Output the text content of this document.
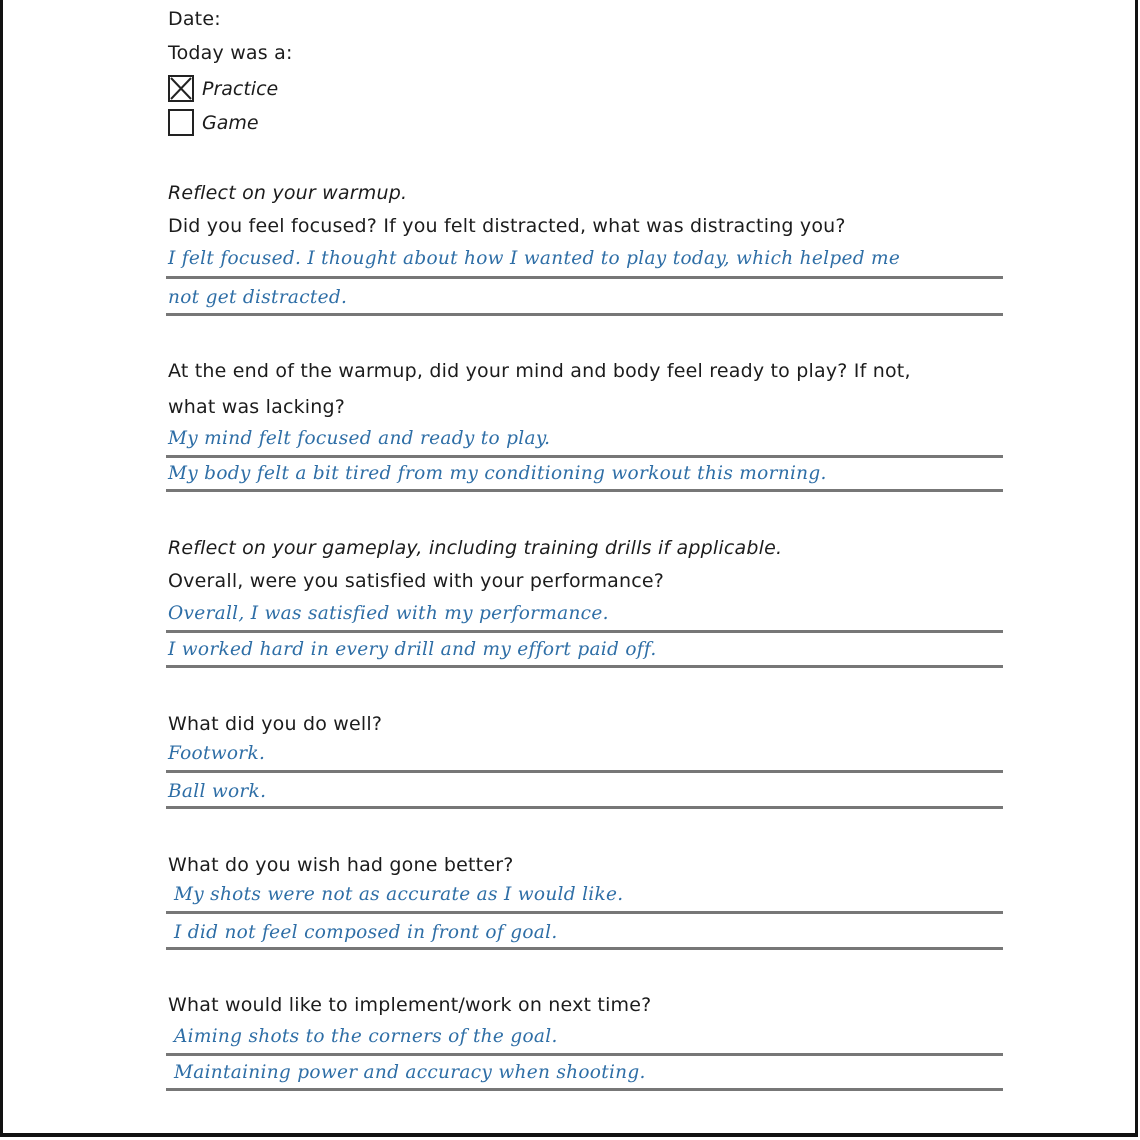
Date:

Today was a:

Practice

Game

Reflect on your warmup.

Did you feel focused? If you felt distracted, what was distracting you?

I felt focused. I thought about how I wanted to play today, which helped me

not get distracted.

At the end of the warmup, did your mind and body feel ready to play? If not,

what was lacking?

My mind felt focused and ready to play.

My body felt a bit tired from my conditioning workout this morning.

Reflect on your gameplay, including training drills if applicable.

Overall, were you satisfied with your performance?

Overall, I was satisfied with my performance.

I worked hard in every drill and my effort paid off.

What did you do well?

Footwork.

Ball work.

What do you wish had gone better?

My shots were not as accurate as I would like.

I did not feel composed in front of goal.

What would like to implement/work on next time?

Aiming shots to the corners of the goal.

Maintaining power and accuracy when shooting.
